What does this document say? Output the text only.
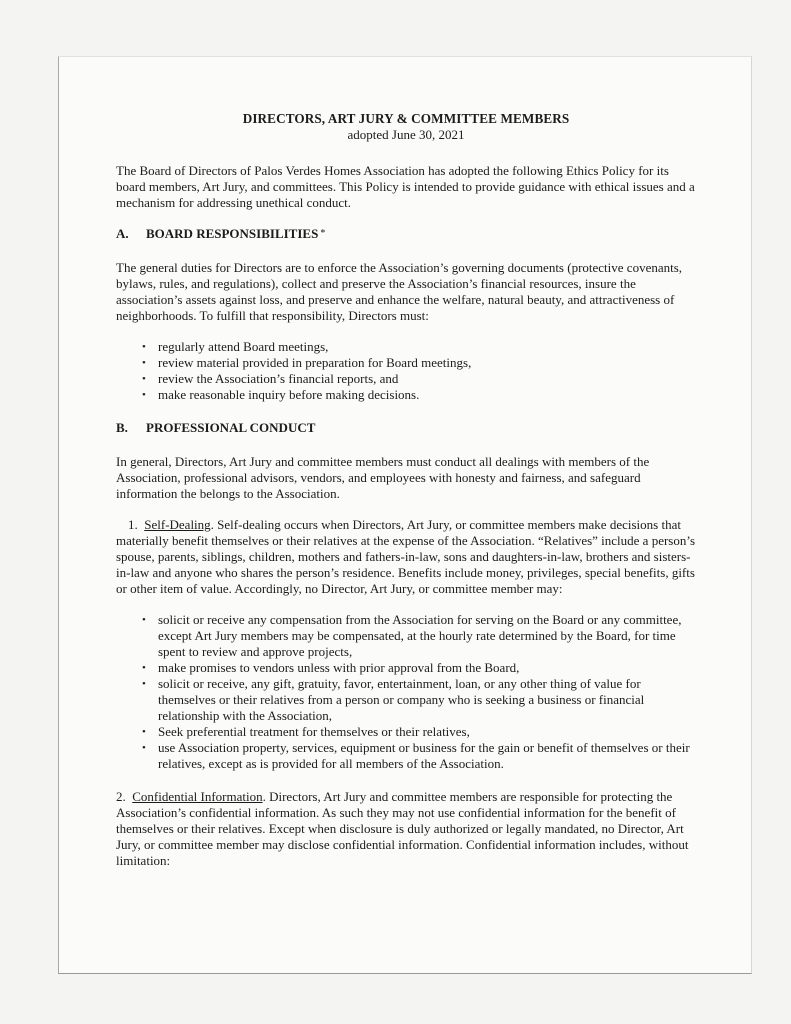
DIRECTORS, ART JURY & COMMITTEE MEMBERS

adopted June 30, 2021

The Board of Directors of Palos Verdes Homes Association has adopted the following Ethics Policy for its board members, Art Jury, and committees. This Policy is intended to provide guidance with ethical issues and a mechanism for addressing unethical conduct.

A.	BOARD RESPONSIBILITIES *

The general duties for Directors are to enforce the Association’s governing documents (protective covenants, bylaws, rules, and regulations), collect and preserve the Association’s financial resources, insure the association’s assets against loss, and preserve and enhance the welfare, natural beauty, and attractiveness of neighborhoods. To fulfill that responsibility, Directors must:

• regularly attend Board meetings,
• review material provided in preparation for Board meetings,
• review the Association’s financial reports, and
• make reasonable inquiry before making decisions.
B.	PROFESSIONAL CONDUCT

In general, Directors, Art Jury and committee members must conduct all dealings with members of the Association, professional advisors, vendors, and employees with honesty and fairness, and safeguard information the belongs to the Association.

1. Self-Dealing. Self-dealing occurs when Directors, Art Jury, or committee members make decisions that materially benefit themselves or their relatives at the expense of the Association. “Relatives” include a person’s spouse, parents, siblings, children, mothers and fathers-in-law, sons and daughters-in-law, brothers and sisters-in-law and anyone who shares the person’s residence. Benefits include money, privileges, special benefits, gifts or other item of value. Accordingly, no Director, Art Jury, or committee member may:

• solicit or receive any compensation from the Association for serving on the Board or any committee, except Art Jury members may be compensated, at the hourly rate determined by the Board, for time spent to review and approve projects,
• make promises to vendors unless with prior approval from the Board,
• solicit or receive, any gift, gratuity, favor, entertainment, loan, or any other thing of value for themselves or their relatives from a person or company who is seeking a business or financial relationship with the Association,
• Seek preferential treatment for themselves or their relatives,
• use Association property, services, equipment or business for the gain or benefit of themselves or their relatives, except as is provided for all members of the Association.

2. Confidential Information. Directors, Art Jury and committee members are responsible for protecting the Association’s confidential information. As such they may not use confidential information for the benefit of themselves or their relatives. Except when disclosure is duly authorized or legally mandated, no Director, Art Jury, or committee member may disclose confidential information. Confidential information includes, without limitation:
